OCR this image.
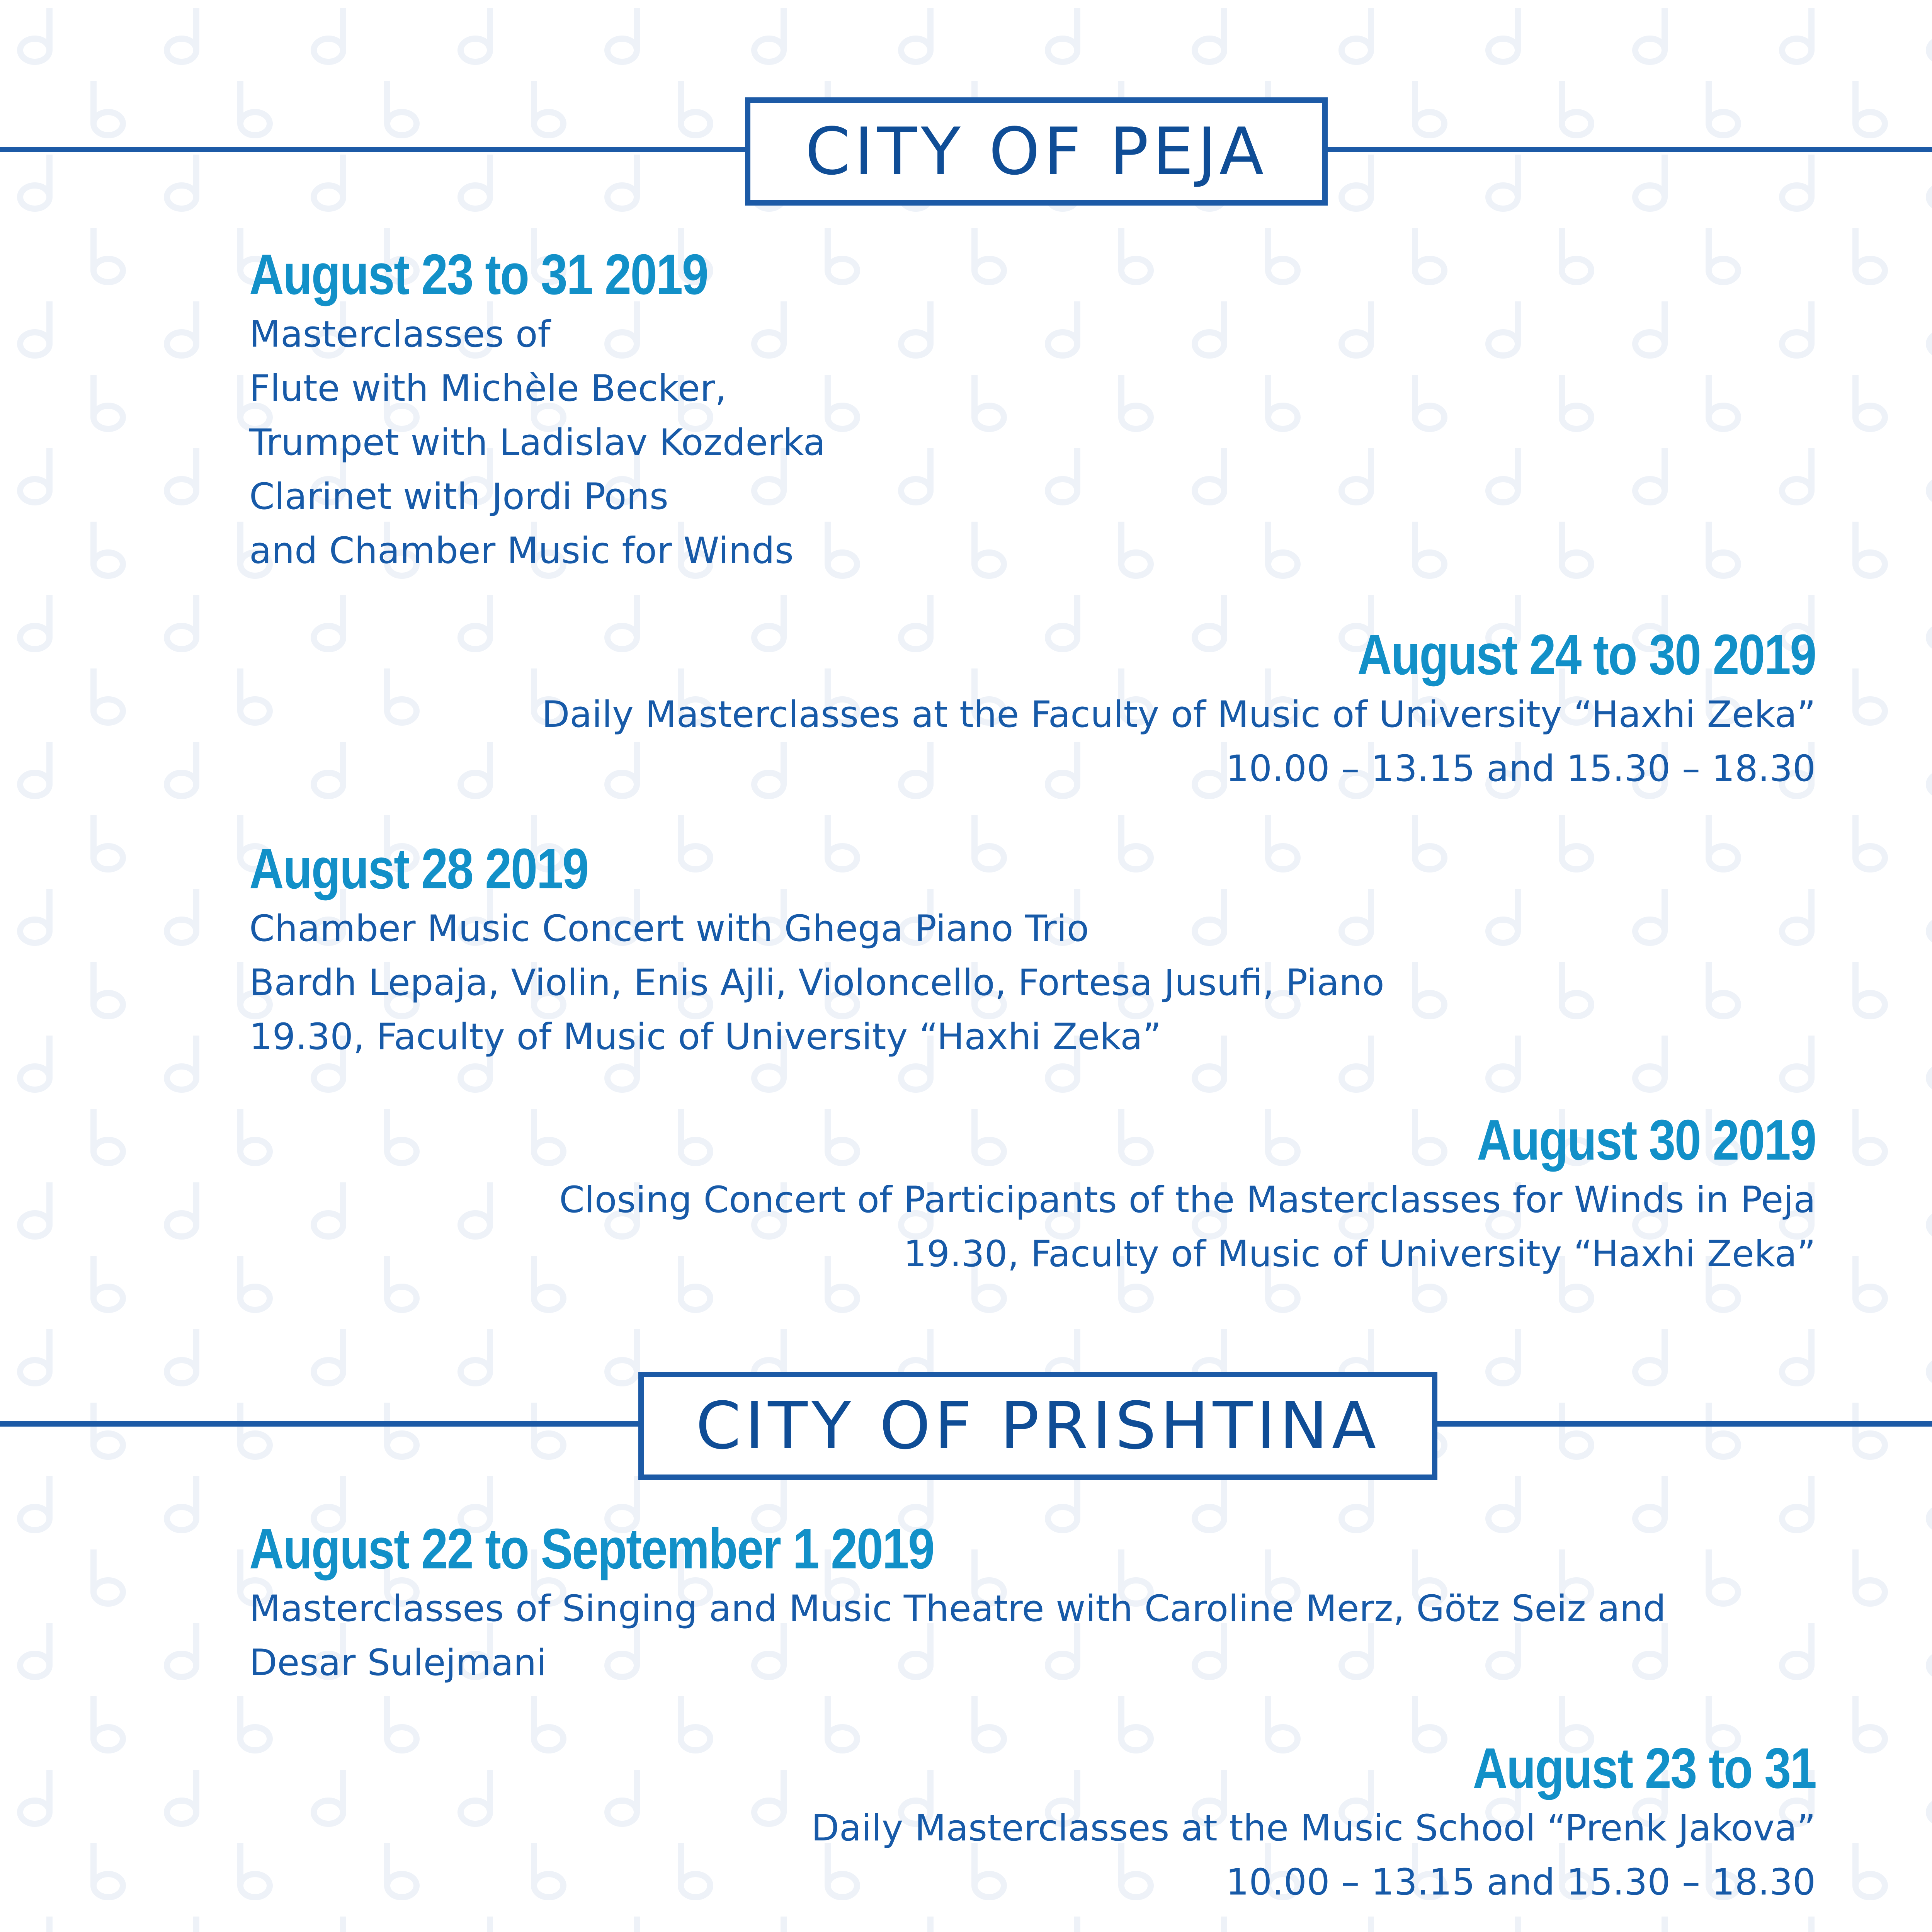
CITY OF PEJA
August 23 to 31 2019
Masterclasses of
Flute with Michèle Becker,
Trumpet with Ladislav Kozderka
Clarinet with Jordi Pons
and Chamber Music for Winds
August 24 to 30 2019
Daily Masterclasses at the Faculty of Music of University “Haxhi Zeka”
10.00 – 13.15 and 15.30 – 18.30
August 28 2019
Chamber Music Concert with Ghega Piano Trio
Bardh Lepaja, Violin, Enis Ajli, Violoncello, Fortesa Jusufi, Piano
19.30, Faculty of Music of University “Haxhi Zeka”
August 30 2019
Closing Concert of Participants of the Masterclasses for Winds in Peja
19.30, Faculty of Music of University “Haxhi Zeka”
CITY OF PRISHTINA
August 22 to September 1 2019
Masterclasses of Singing and Music Theatre with Caroline Merz, Götz Seiz and
Desar Sulejmani
August 23 to 31
Daily Masterclasses at the Music School “Prenk Jakova”
10.00 – 13.15 and 15.30 – 18.30
